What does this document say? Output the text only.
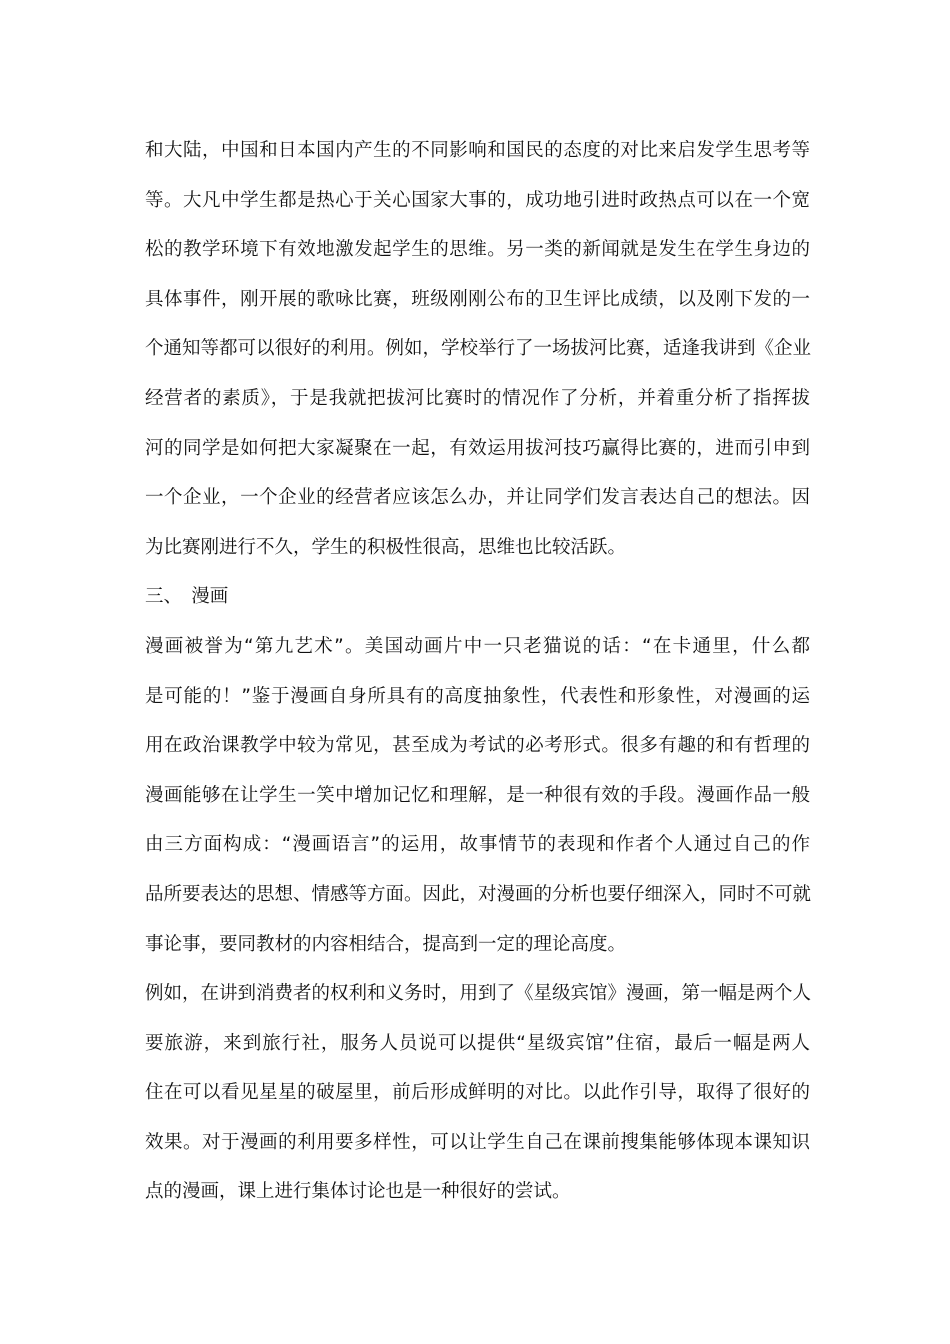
和大陆，中国和日本国内产生的不同影响和国民的态度的对比来启发学生思考等
等。大凡中学生都是热心于关心国家大事的，成功地引进时政热点可以在一个宽
松的教学环境下有效地激发起学生的思维。另一类的新闻就是发生在学生身边的
具体事件，刚开展的歌咏比赛，班级刚刚公布的卫生评比成绩，以及刚下发的一
个通知等都可以很好的利用。例如，学校举行了一场拔河比赛，适逢我讲到《企业
经营者的素质》，于是我就把拔河比赛时的情况作了分析，并着重分析了指挥拔
河的同学是如何把大家凝聚在一起，有效运用拔河技巧赢得比赛的，进而引申到
一个企业，一个企业的经营者应该怎么办，并让同学们发言表达自己的想法。因
为比赛刚进行不久，学生的积极性很高，思维也比较活跃。
三、　漫画
漫画被誉为“第九艺术”。美国动画片中一只老猫说的话：“在卡通里，什么都
是可能的！”鉴于漫画自身所具有的高度抽象性，代表性和形象性，对漫画的运
用在政治课教学中较为常见，甚至成为考试的必考形式。很多有趣的和有哲理的
漫画能够在让学生一笑中增加记忆和理解，是一种很有效的手段。漫画作品一般
由三方面构成：“漫画语言”的运用，故事情节的表现和作者个人通过自己的作
品所要表达的思想、情感等方面。因此，对漫画的分析也要仔细深入，同时不可就
事论事，要同教材的内容相结合，提高到一定的理论高度。
例如，在讲到消费者的权利和义务时，用到了《星级宾馆》漫画，第一幅是两个人
要旅游，来到旅行社，服务人员说可以提供“星级宾馆”住宿，最后一幅是两人
住在可以看见星星的破屋里，前后形成鲜明的对比。以此作引导，取得了很好的
效果。对于漫画的利用要多样性，可以让学生自己在课前搜集能够体现本课知识
点的漫画，课上进行集体讨论也是一种很好的尝试。
